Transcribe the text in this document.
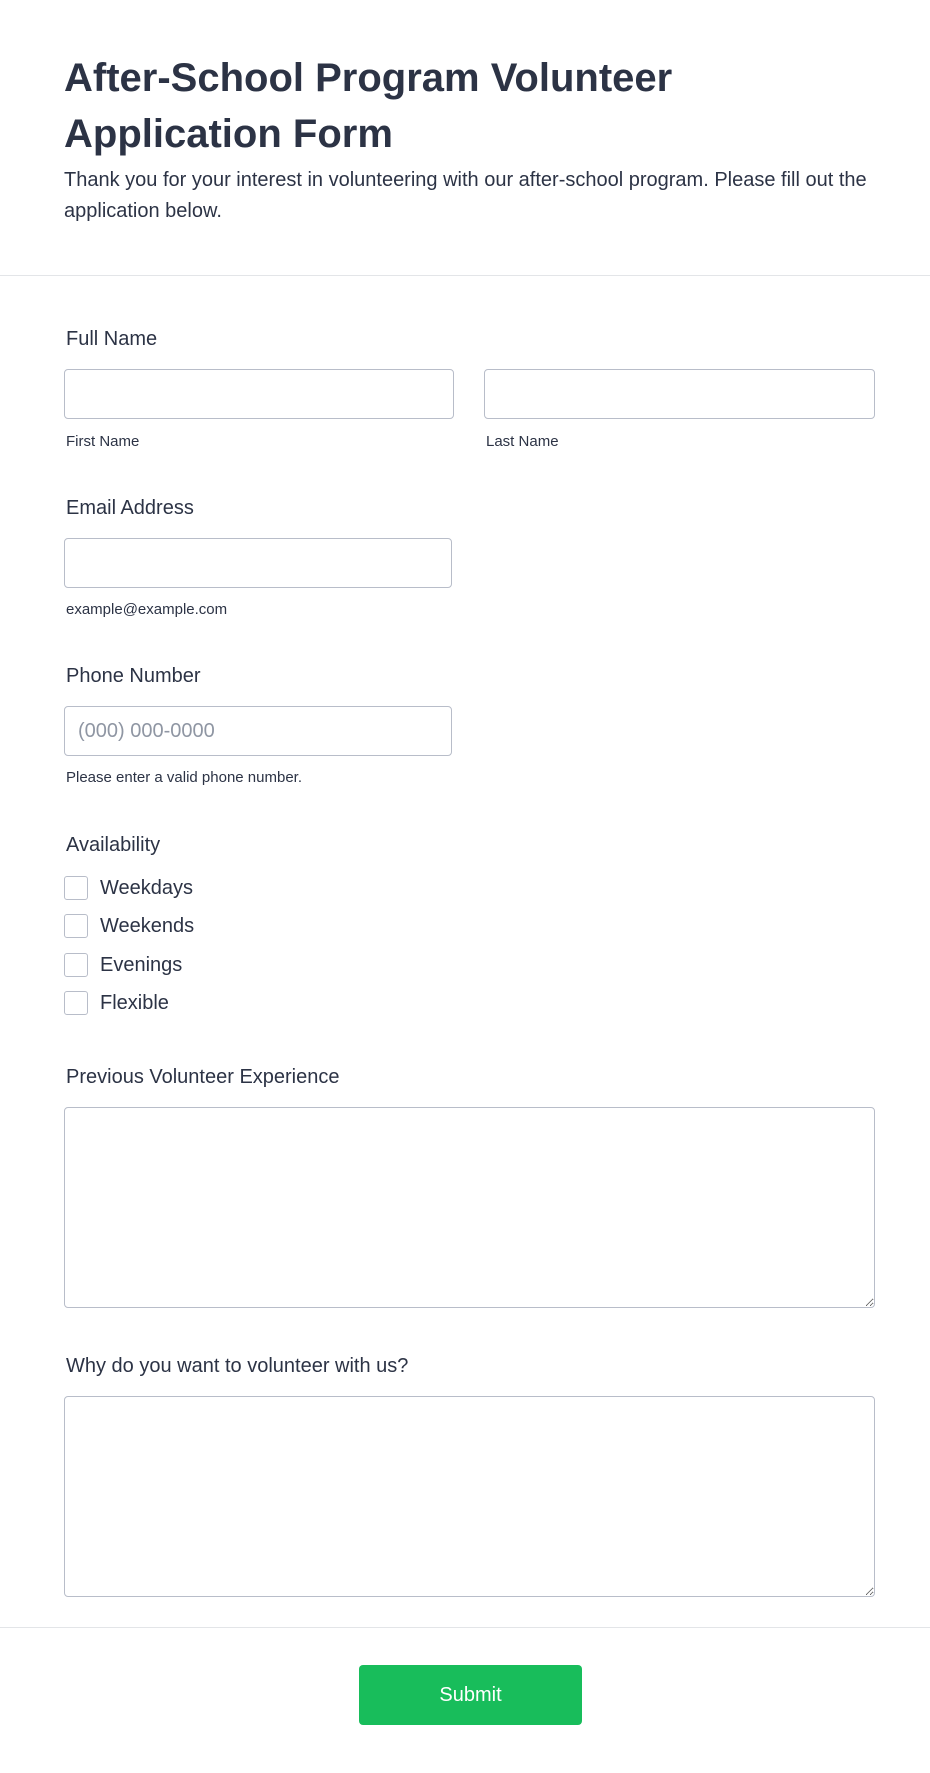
After-School Program Volunteer Application Form

Thank you for your interest in volunteering with our after-school program. Please fill out the application below.

Full Name
First Name	Last Name
Email Address
example@example.com
Phone Number
(000) 000-0000
Please enter a valid phone number.
Availability
Weekdays
Weekends
Evenings
Flexible
Previous Volunteer Experience
Why do you want to volunteer with us?
Submit
